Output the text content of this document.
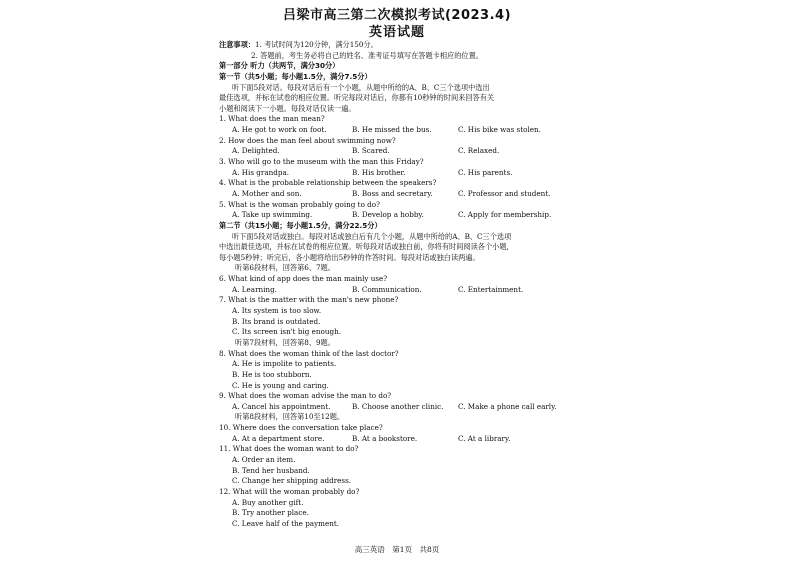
吕梁市高三第二次模拟考试(2023.4)
英语试题
注意事项：1. 考试时间为120分钟，满分150分。
2. 答题前，考生务必将自己的姓名、准考证号填写在答题卡相应的位置。
第一部分 听力（共两节，满分30分）
第一节（共5小题；每小题1.5分，满分7.5分）
听下面5段对话。每段对话后有一个小题，从题中所给的A、B、C三个选项中选出
最佳选项，并标在试卷的相应位置。听完每段对话后，你都有10秒钟的时间来回答有关
小题和阅读下一小题。每段对话仅读一遍。
1. What does the man mean?
A. He got to work on foot.	B. He missed the bus.	C. His bike was stolen.
2. How does the man feel about swimming now?
A. Delighted.	B. Scared.	C. Relaxed.
3. Who will go to the museum with the man this Friday?
A. His grandpa.	B. His brother.	C. His parents.
4. What is the probable relationship between the speakers?
A. Mother and son.	B. Boss and secretary.	C. Professor and student.
5. What is the woman probably going to do?
A. Take up swimming.	B. Develop a hobby.	C. Apply for membership.
第二节（共15小题；每小题1.5分，满分22.5分）
听下面5段对话或独白。每段对话或独白后有几个小题，从题中所给的A、B、C三个选项
中选出最佳选项，并标在试卷的相应位置。听每段对话或独白前，你将有时间阅读各个小题，
每小题5秒钟；听完后，各小题将给出5秒钟的作答时间。每段对话或独白读两遍。
听第6段材料，回答第6、7题。
6. What kind of app does the man mainly use?
A. Learning.	B. Communication.	C. Entertainment.
7. What is the matter with the man's new phone?
A. Its system is too slow.
B. Its brand is outdated.
C. Its screen isn't big enough.
听第7段材料，回答第8、9题。
8. What does the woman think of the last doctor?
A. He is impolite to patients.
B. He is too stubborn.
C. He is young and caring.
9. What does the woman advise the man to do?
A. Cancel his appointment.	B. Choose another clinic.	C. Make a phone call early.
听第8段材料，回答第10至12题。
10. Where does the conversation take place?
A. At a department store.	B. At a bookstore.	C. At a library.
11. What does the woman want to do?
A. Order an item.
B. Tend her husband.
C. Change her shipping address.
12. What will the woman probably do?
A. Buy another gift.
B. Try another place.
C. Leave half of the payment.
高三英语　第1页　共8页
